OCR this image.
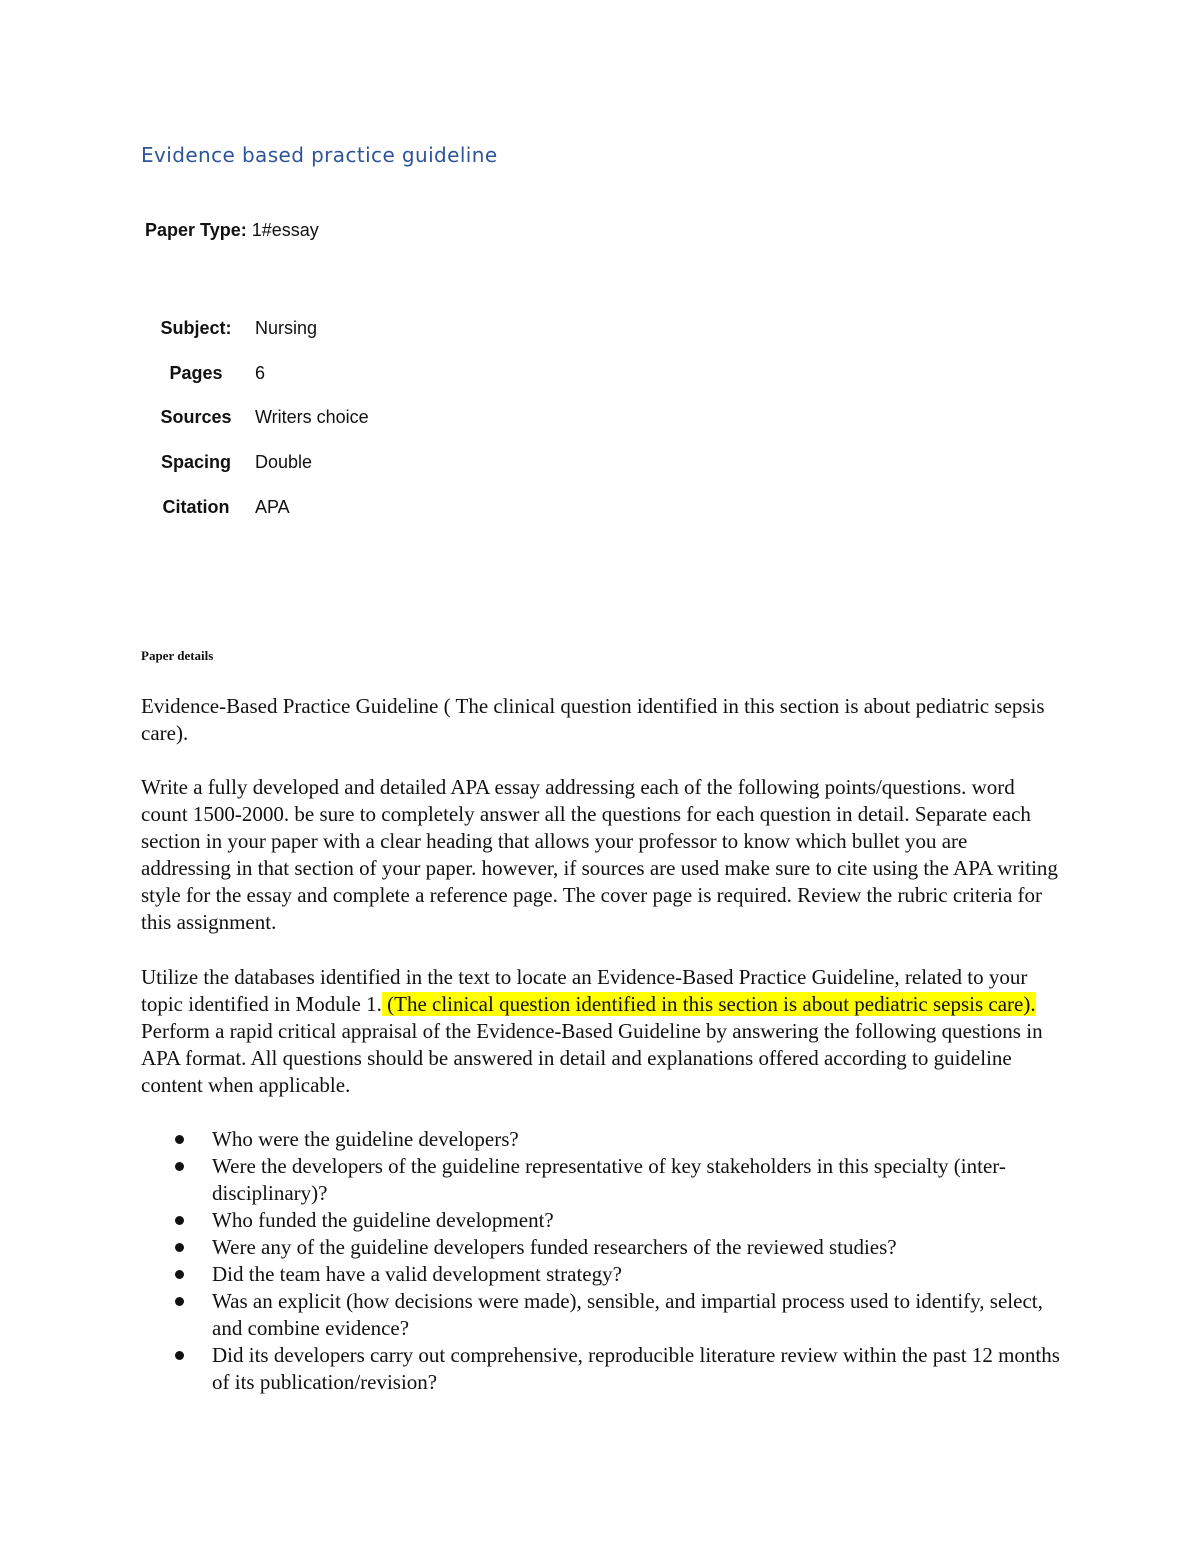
Evidence based practice guideline
Paper Type: 1#essay
Subject:	Nursing
Pages	6
Sources	Writers choice
Spacing	Double
Citation	APA
Paper details

Evidence-Based Practice Guideline ( The clinical question identified in this section is about pediatric sepsis care).

Write a fully developed and detailed APA essay addressing each of the following points/questions. word count 1500-2000. be sure to completely answer all the questions for each question in detail. Separate each section in your paper with a clear heading that allows your professor to know which bullet you are addressing in that section of your paper. however, if sources are used make sure to cite using the APA writing style for the essay and complete a reference page. The cover page is required. Review the rubric criteria for this assignment.

Utilize the databases identified in the text to locate an Evidence-Based Practice Guideline, related to your topic identified in Module 1. (The clinical question identified in this section is about pediatric sepsis care). Perform a rapid critical appraisal of the Evidence-Based Guideline by answering the following questions in APA format. All questions should be answered in detail and explanations offered according to guideline content when applicable.

Who were the guideline developers?
Were the developers of the guideline representative of key stakeholders in this specialty (inter-disciplinary)?
Who funded the guideline development?
Were any of the guideline developers funded researchers of the reviewed studies?
Did the team have a valid development strategy?
Was an explicit (how decisions were made), sensible, and impartial process used to identify, select, and combine evidence?
Did its developers carry out comprehensive, reproducible literature review within the past 12 months of its publication/revision?
